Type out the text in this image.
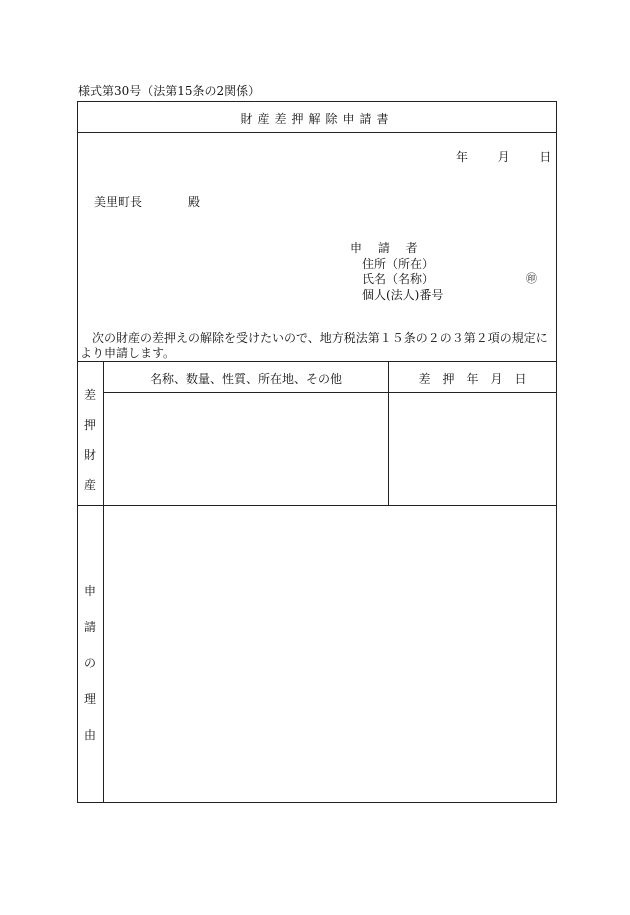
様式第30号（法第15条の2関係）
財産差押解除申請書
年 月 日
美里町長	殿
申 請 者
住所（所在）
氏名（名称）	㊞
個人(法人)番号
次の財産の差押えの解除を受けたいので、地方税法第１５条の２の３第２項の規定により申請します。
差
押
財
産
名称、数量、性質、所在地、その他	差　押　年　月　日
申
請
の
理
由
